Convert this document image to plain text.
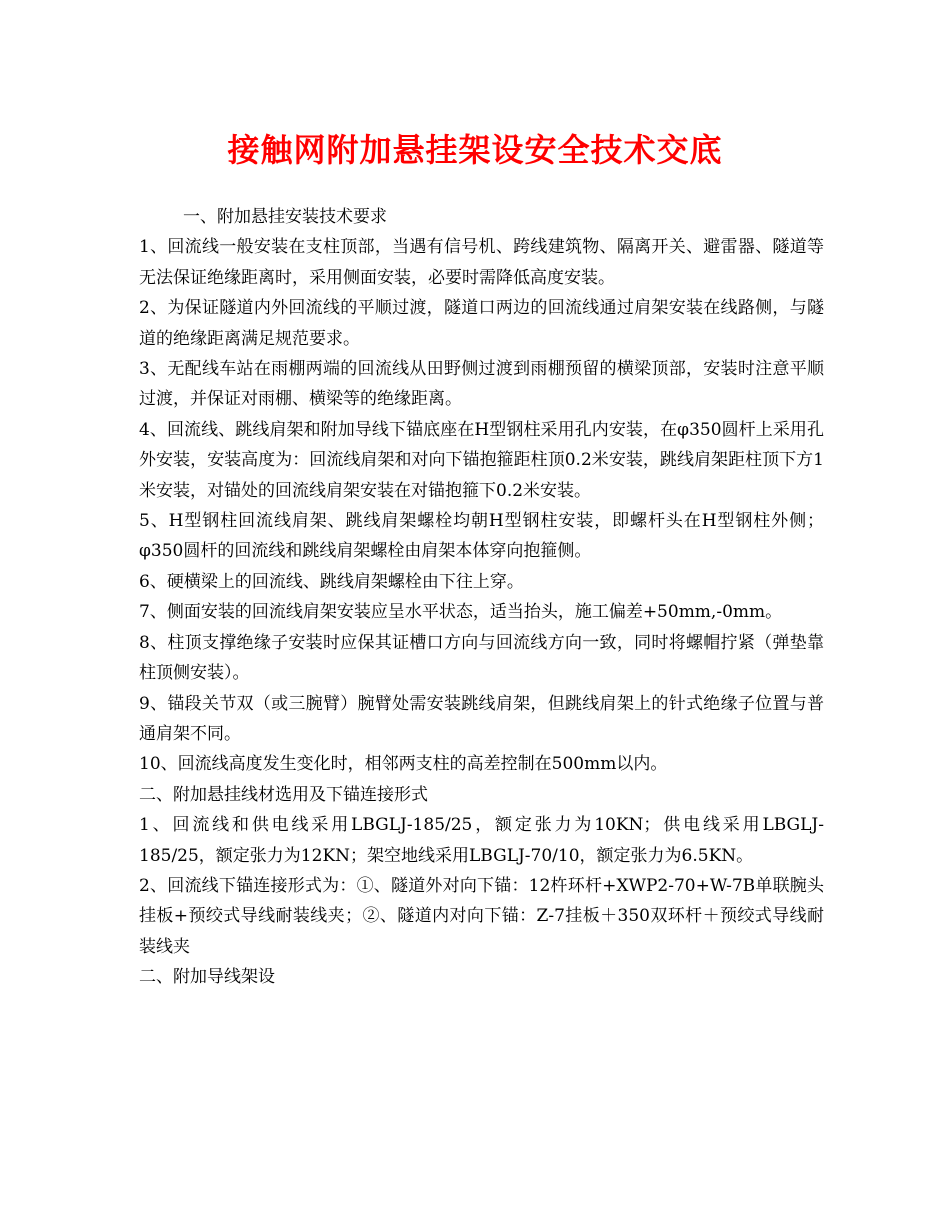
接触网附加悬挂架设安全技术交底

一、附加悬挂安装技术要求

1、回流线一般安装在支柱顶部，当遇有信号机、跨线建筑物、隔离开关、避雷器、隧道等无法保证绝缘距离时，采用侧面安装，必要时需降低高度安装。

2、为保证隧道内外回流线的平顺过渡，隧道口两边的回流线通过肩架安装在线路侧，与隧道的绝缘距离满足规范要求。

3、无配线车站在雨棚两端的回流线从田野侧过渡到雨棚预留的横梁顶部，安装时注意平顺过渡，并保证对雨棚、横梁等的绝缘距离。

4、回流线、跳线肩架和附加导线下锚底座在H型钢柱采用孔内安装，在φ350圆杆上采用孔外安装，安装高度为：回流线肩架和对向下锚抱箍距柱顶0.2米安装，跳线肩架距柱顶下方1米安装，对锚处的回流线肩架安装在对锚抱箍下0.2米安装。

5、H型钢柱回流线肩架、跳线肩架螺栓均朝H型钢柱安装，即螺杆头在H型钢柱外侧；φ350圆杆的回流线和跳线肩架螺栓由肩架本体穿向抱箍侧。

6、硬横梁上的回流线、跳线肩架螺栓由下往上穿。

7、侧面安装的回流线肩架安装应呈水平状态，适当抬头，施工偏差+50mm,-0mm。

8、柱顶支撑绝缘子安装时应保其证槽口方向与回流线方向一致，同时将螺帽拧紧（弹垫靠柱顶侧安装）。

9、锚段关节双（或三腕臂）腕臂处需安装跳线肩架，但跳线肩架上的针式绝缘子位置与普通肩架不同。

10、回流线高度发生变化时，相邻两支柱的高差控制在500mm以内。

二、附加悬挂线材选用及下锚连接形式

1、回流线和供电线采用LBGLJ-185/25，额定张力为10KN；供电线采用LBGLJ-185/25，额定张力为12KN；架空地线采用LBGLJ-70/10，额定张力为6.5KN。

2、回流线下锚连接形式为：①、隧道外对向下锚：12杵环杆+XWP2-70+W-7B单联腕头挂板+预绞式导线耐装线夹；②、隧道内对向下锚：Z-7挂板＋350双环杆＋预绞式导线耐装线夹

二、附加导线架设
